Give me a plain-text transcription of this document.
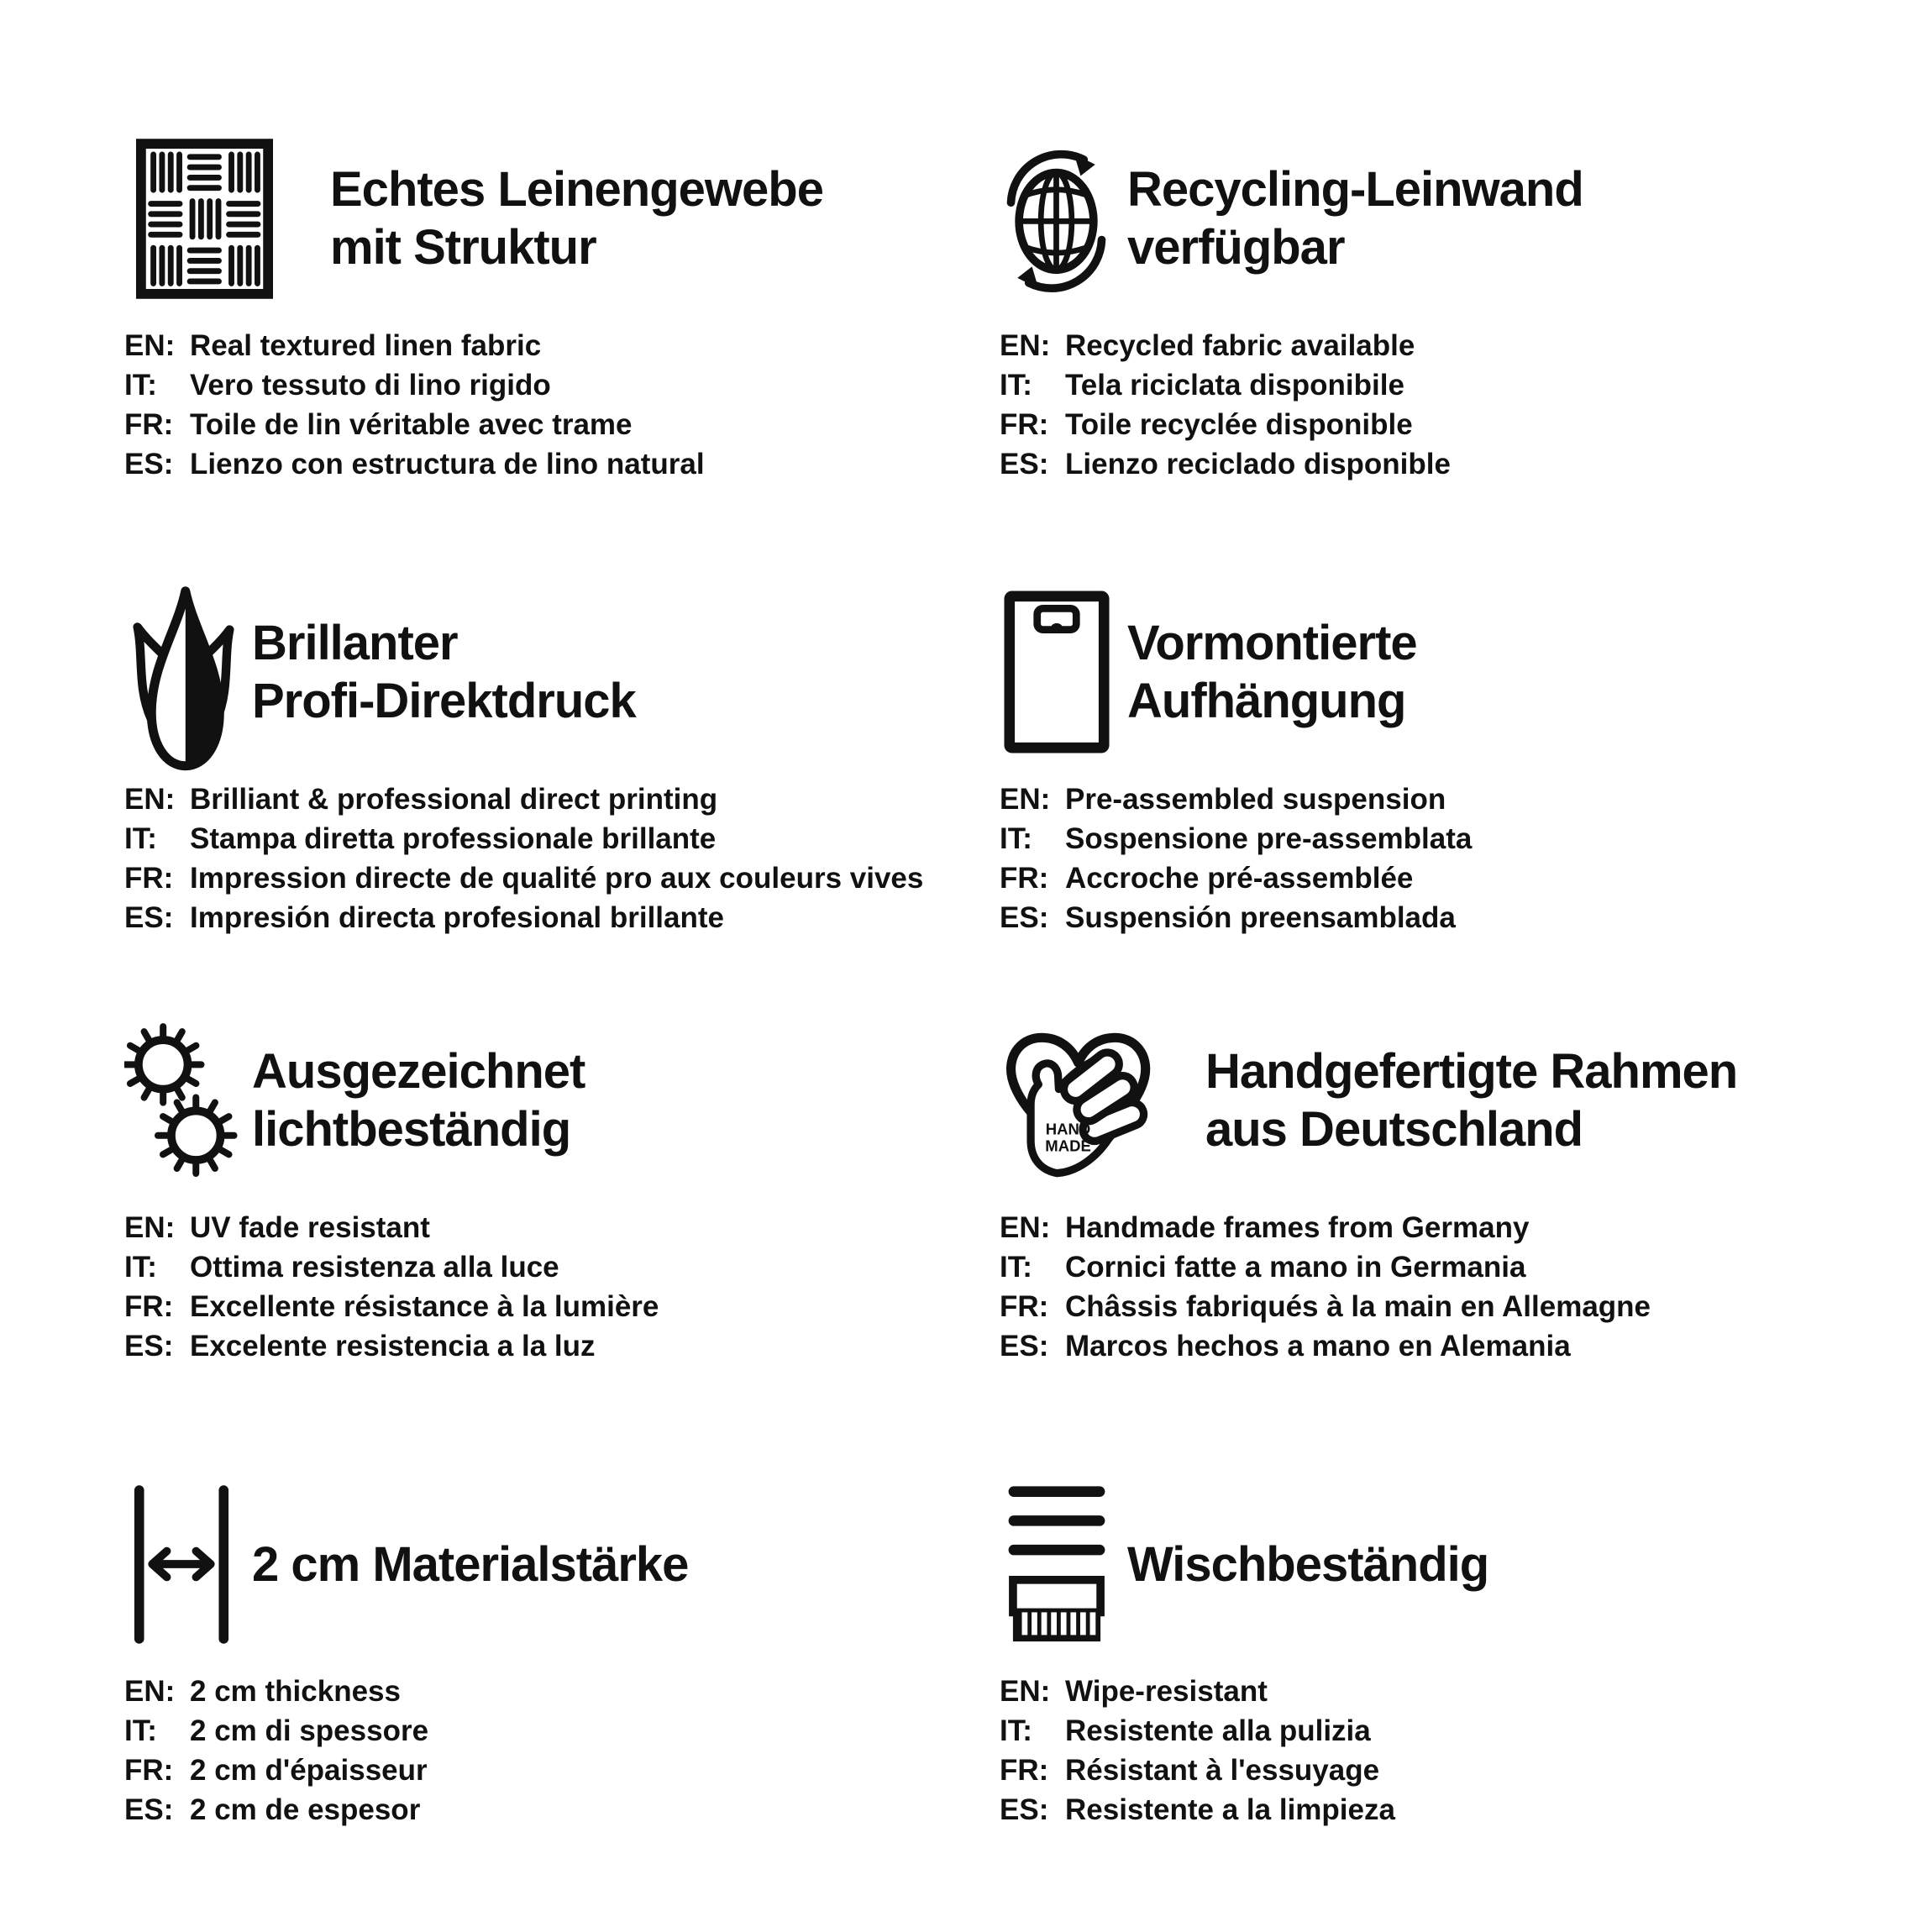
Echtes Leinengewebe
mit Struktur
EN: Real textured linen fabric
IT:	Vero tessuto di lino rigido
FR: Toile de lin véritable avec trame
ES: Lienzo con estructura de lino natural
Recycling-Leinwand
verfügbar
EN: Recycled fabric available
IT:	Tela riciclata disponibile
FR: Toile recyclée disponible
ES: Lienzo reciclado disponible
Brillanter
Profi-Direktdruck
EN: Brilliant & professional direct printing
IT:	Stampa diretta professionale brillante
FR: Impression directe de qualité pro aux couleurs vives
ES: Impresión directa profesional brillante
Vormontierte
Aufhängung
EN: Pre-assembled suspension
IT:	Sospensione pre-assemblata
FR: Accroche pré-assemblée
ES: Suspensión preensamblada
Ausgezeichnet
lichtbeständig
EN: UV fade resistant
IT:	Ottima resistenza alla luce
FR: Excellente résistance à la lumière
ES: Excelente resistencia a la luz
HAND
MADE
Handgefertigte Rahmen
aus Deutschland
EN: Handmade frames from Germany
IT:	Cornici fatte a mano in Germania
FR: Châssis fabriqués à la main en Allemagne
ES: Marcos hechos a mano en Alemania
2 cm Materialstärke
EN: 2 cm thickness
IT:	2 cm di spessore
FR: 2 cm d'épaisseur
ES: 2 cm de espesor
Wischbeständig
EN: Wipe-resistant
IT:	Resistente alla pulizia
FR: Résistant à l'essuyage
ES: Resistente a la limpieza
